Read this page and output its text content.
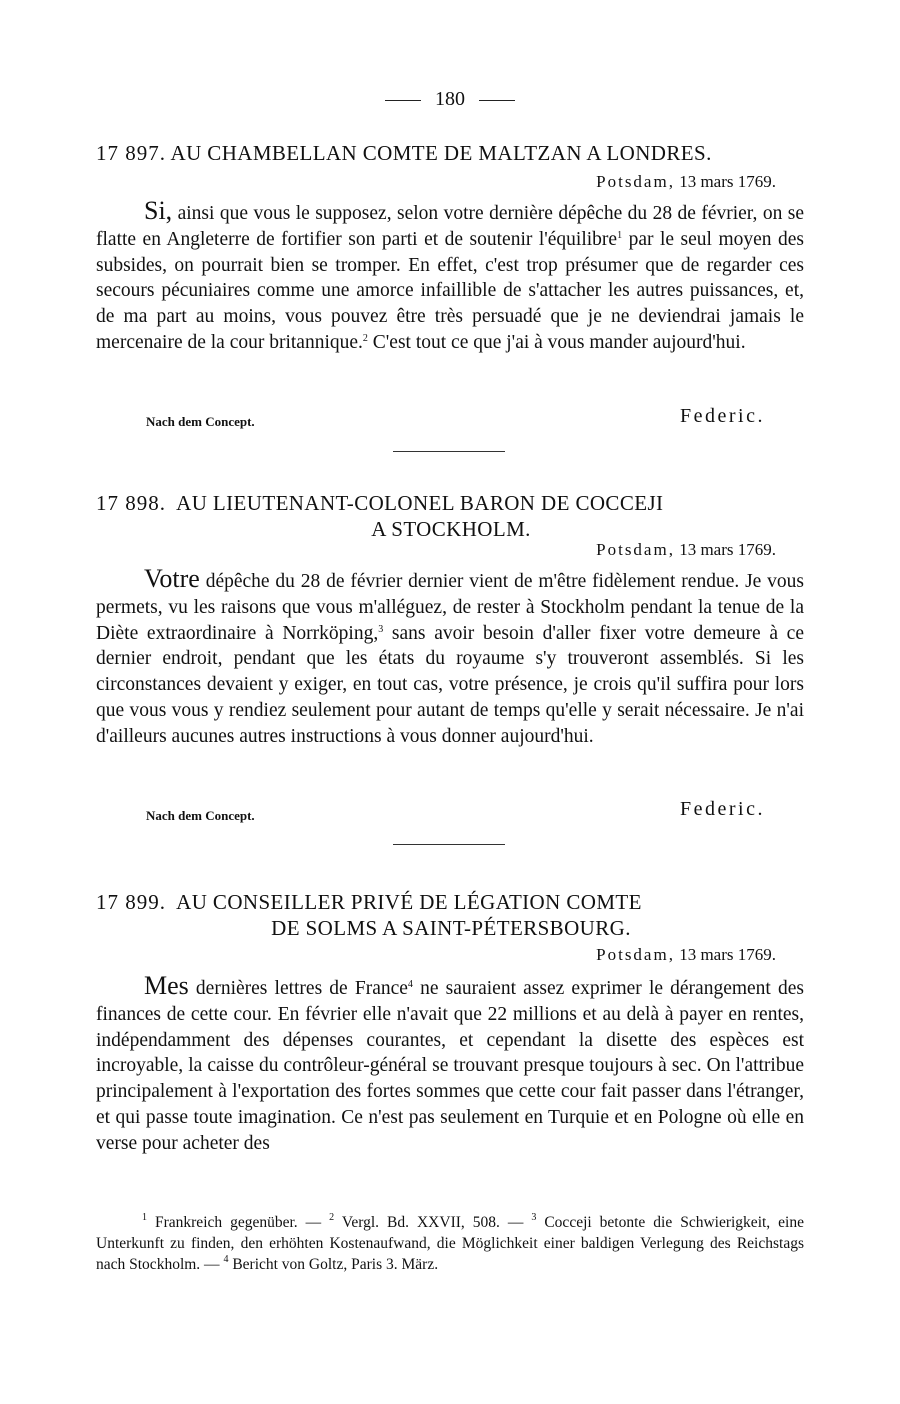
180
17 897. AU CHAMBELLAN COMTE DE MALTZAN A LONDRES.
Potsdam, 13 mars 1769.

Si, ainsi que vous le supposez, selon votre dernière dépêche du 28 de février, on se flatte en Angleterre de fortifier son parti et de soutenir l'équilibre$^1$ par le seul moyen des subsides, on pourrait bien se tromper. En effet, c'est trop présumer que de regarder ces secours pécuniaires comme une amorce infaillible de s'attacher les autres puissances, et, de ma part au moins, vous pouvez être très persuadé que je ne deviendrai jamais le mercenaire de la cour britannique.$^2$ C'est tout ce que j'ai à vous mander aujourd'hui.

Nach dem Concept.	Federic.
17 898. AU LIEUTENANT-COLONEL BARON DE COCCEJI
A STOCKHOLM.
Potsdam, 13 mars 1769.

Votre dépêche du 28 de février dernier vient de m'être fidèlement rendue. Je vous permets, vu les raisons que vous m'alléguez, de rester à Stockholm pendant la tenue de la Diète extraordinaire à Norrköping,$^3$ sans avoir besoin d'aller fixer votre demeure à ce dernier endroit, pendant que les états du royaume s'y trouveront assemblés. Si les circonstances devaient y exiger, en tout cas, votre présence, je crois qu'il suffira pour lors que vous vous y rendiez seulement pour autant de temps qu'elle y serait nécessaire. Je n'ai d'ailleurs aucunes autres instructions à vous donner aujourd'hui.

Nach dem Concept.	Federic.
17 899. AU CONSEILLER PRIVÉ DE LÉGATION COMTE
DE SOLMS A SAINT-PÉTERSBOURG.
Potsdam, 13 mars 1769.

Mes dernières lettres de France$^4$ ne sauraient assez exprimer le dérangement des finances de cette cour. En février elle n'avait que 22 millions et au delà à payer en rentes, indépendamment des dépenses courantes, et cependant la disette des espèces est incroyable, la caisse du contrôleur-général se trouvant presque toujours à sec. On l'attribue principalement à l'exportation des fortes sommes que cette cour fait passer dans l'étranger, et qui passe toute imagination. Ce n'est pas seulement en Turquie et en Pologne où elle en verse pour acheter des

$^1$ Frankreich gegenüber. — $^2$ Vergl. Bd. XXVII, 508. — $^3$ Cocceji betonte die Schwierigkeit, eine Unterkunft zu finden, den erhöhten Kostenaufwand, die Möglichkeit einer baldigen Verlegung des Reichstags nach Stockholm. — $^4$ Bericht von Goltz, Paris 3. März.
